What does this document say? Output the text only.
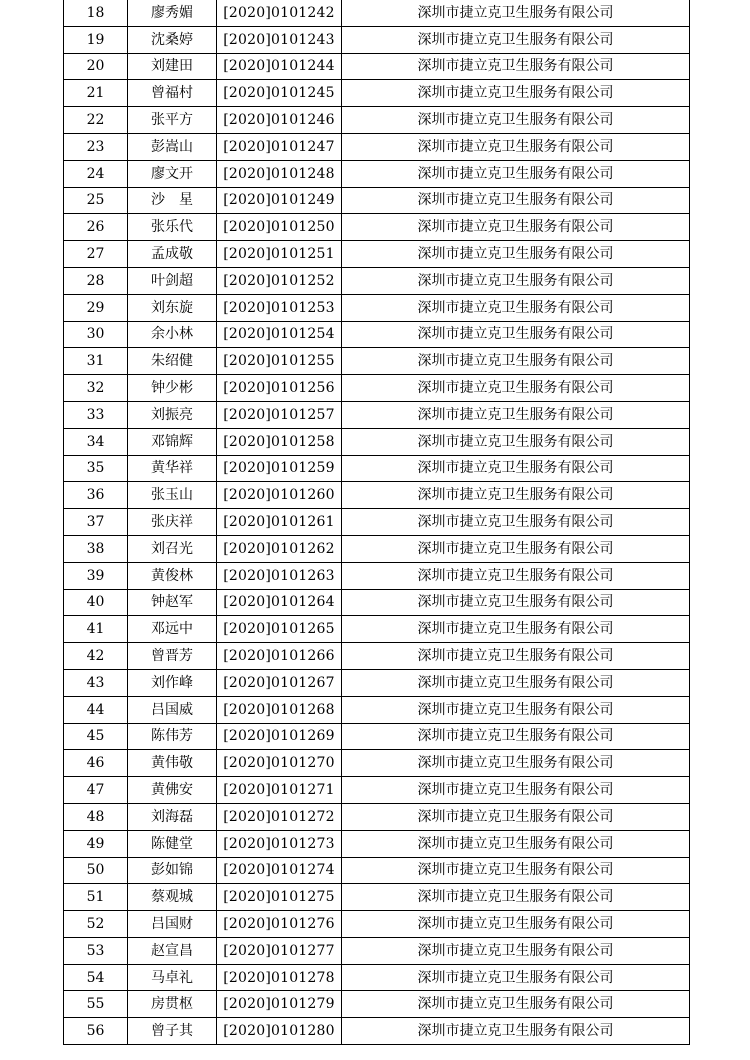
18	廖秀媚	[2020]0101242	深圳市捷立克卫生服务有限公司
19	沈桑婷	[2020]0101243	深圳市捷立克卫生服务有限公司
20	刘建田	[2020]0101244	深圳市捷立克卫生服务有限公司
21	曾福村	[2020]0101245	深圳市捷立克卫生服务有限公司
22	张平方	[2020]0101246	深圳市捷立克卫生服务有限公司
23	彭嵩山	[2020]0101247	深圳市捷立克卫生服务有限公司
24	廖文开	[2020]0101248	深圳市捷立克卫生服务有限公司
25	沙　星	[2020]0101249	深圳市捷立克卫生服务有限公司
26	张乐代	[2020]0101250	深圳市捷立克卫生服务有限公司
27	孟成敬	[2020]0101251	深圳市捷立克卫生服务有限公司
28	叶剑超	[2020]0101252	深圳市捷立克卫生服务有限公司
29	刘东旋	[2020]0101253	深圳市捷立克卫生服务有限公司
30	余小林	[2020]0101254	深圳市捷立克卫生服务有限公司
31	朱绍健	[2020]0101255	深圳市捷立克卫生服务有限公司
32	钟少彬	[2020]0101256	深圳市捷立克卫生服务有限公司
33	刘振亮	[2020]0101257	深圳市捷立克卫生服务有限公司
34	邓锦辉	[2020]0101258	深圳市捷立克卫生服务有限公司
35	黄华祥	[2020]0101259	深圳市捷立克卫生服务有限公司
36	张玉山	[2020]0101260	深圳市捷立克卫生服务有限公司
37	张庆祥	[2020]0101261	深圳市捷立克卫生服务有限公司
38	刘召光	[2020]0101262	深圳市捷立克卫生服务有限公司
39	黄俊林	[2020]0101263	深圳市捷立克卫生服务有限公司
40	钟赵军	[2020]0101264	深圳市捷立克卫生服务有限公司
41	邓远中	[2020]0101265	深圳市捷立克卫生服务有限公司
42	曾晋芳	[2020]0101266	深圳市捷立克卫生服务有限公司
43	刘作峰	[2020]0101267	深圳市捷立克卫生服务有限公司
44	吕国威	[2020]0101268	深圳市捷立克卫生服务有限公司
45	陈伟芳	[2020]0101269	深圳市捷立克卫生服务有限公司
46	黄伟敬	[2020]0101270	深圳市捷立克卫生服务有限公司
47	黄佛安	[2020]0101271	深圳市捷立克卫生服务有限公司
48	刘海磊	[2020]0101272	深圳市捷立克卫生服务有限公司
49	陈健堂	[2020]0101273	深圳市捷立克卫生服务有限公司
50	彭如锦	[2020]0101274	深圳市捷立克卫生服务有限公司
51	蔡观城	[2020]0101275	深圳市捷立克卫生服务有限公司
52	吕国财	[2020]0101276	深圳市捷立克卫生服务有限公司
53	赵宣昌	[2020]0101277	深圳市捷立克卫生服务有限公司
54	马卓礼	[2020]0101278	深圳市捷立克卫生服务有限公司
55	房贯枢	[2020]0101279	深圳市捷立克卫生服务有限公司
56	曾子其	[2020]0101280	深圳市捷立克卫生服务有限公司
